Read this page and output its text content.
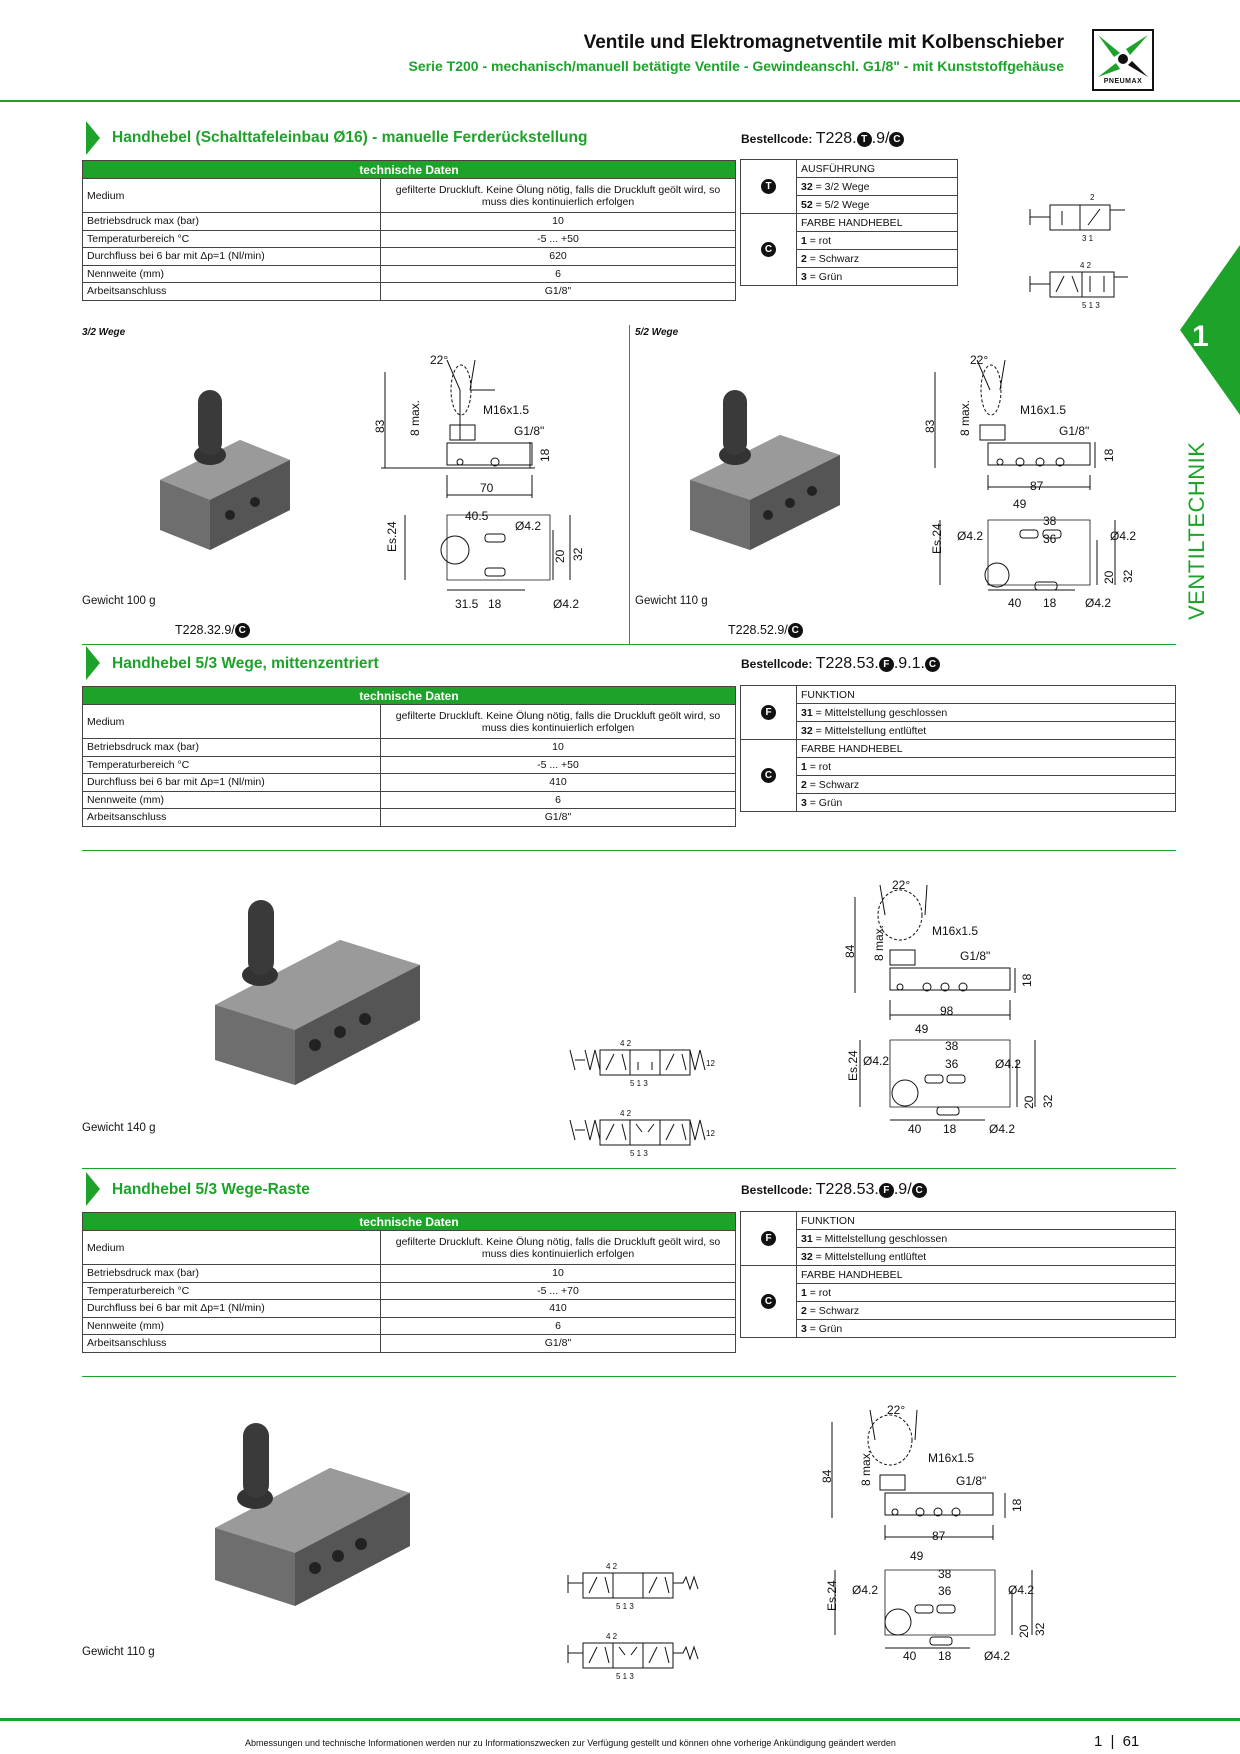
Ventile und Elektromagnetventile mit Kolbenschieber
Serie T200 - mechanisch/manuell betätigte Ventile - Gewindeanschl. G1/8" - mit Kunststoffgehäuse
PNEUMAX
1
VENTILTECHNIK
Handhebel (Schalttafeleinbau Ø16) - manuelle Ferderückstellung	Bestellcode: T228. T .9/ C
technische Daten	
Medium	gefilterte Druckluft. Keine Ölung nötig, falls die Druckluft geölt wird, so muss dies kontinuierlich erfolgen
Betriebsdruck max (bar)	10
Temperaturbereich °C	-5 ... +50
Durchfluss bei 6 bar mit Δp=1 (Nl/min)	620
Nennweite (mm)	6
Arbeitsanschluss	G1/8"
T	AUSFÜHRUNG
	32 = 3/2 Wege
	52 = 5/2 Wege
C	FARBE HANDHEBEL
	1 = rot
	2 = Schwarz
	3 = Grün
2
3 1
4 2
5 1 3
3/2 Wege	5/2 Wege
Gewicht 100 g
T228.32.9/ C
22°
M16x1.5
G1/8"
83 8 max.
18
70
40.5
Ø4.2
Es.24
20 32
31.5 18	Ø4.2	Gewicht 110 g
T228.52.9/ C
22°
M16x1.5
G1/8"
83 8 max.
18
87
49
38
36
Ø4.2	Ø4.2
Es.24
20 32
40 18 Ø4.2
Handhebel 5/3 Wege, mittenzentriert	Bestellcode: T228.53. F .9.1. C
technische Daten	
Medium	gefilterte Druckluft. Keine Ölung nötig, falls die Druckluft geölt wird, so muss dies kontinuierlich erfolgen
Betriebsdruck max (bar)	10
Temperaturbereich °C	-5 ... +50
Durchfluss bei 6 bar mit Δp=1 (Nl/min)	410
Nennweite (mm)	6
Arbeitsanschluss	G1/8"
F	FUNKTION
	31 = Mittelstellung geschlossen
	32 = Mittelstellung entlüftet
C	FARBE HANDHEBEL
	1 = rot
	2 = Schwarz
	3 = Grün
Gewicht 140 g
4 2
5 1 3
12
4 2
5 1 3
12
22°
M16x1.5
G1/8"
84 8 max.
18
98
49
38
36
Ø4.2	Ø4.2
Es.24
20 32
40 18	Ø4.2
Handhebel 5/3 Wege-Raste	Bestellcode: T228.53. F .9/ C
technische Daten	
Medium	gefilterte Druckluft. Keine Ölung nötig, falls die Druckluft geölt wird, so muss dies kontinuierlich erfolgen
Betriebsdruck max (bar)	10
Temperaturbereich °C	-5 ... +70
Durchfluss bei 6 bar mit Δp=1 (Nl/min)	410
Nennweite (mm)	6
Arbeitsanschluss	G1/8"
F	FUNKTION
	31 = Mittelstellung geschlossen
	32 = Mittelstellung entlüftet
C	FARBE HANDHEBEL
	1 = rot
	2 = Schwarz
	3 = Grün
Gewicht 110 g
4 2
5 1 3
4 2
5 1 3
22°
M16x1.5
G1/8"
84 8 max.
18
87
49
38
36
Ø4.2	Ø4.2
Es.24
20 32
40 18	Ø4.2
Abmessungen und technische Informationen werden nur zu Informationszwecken zur Verfügung gestellt und können ohne vorherige Ankündigung geändert werden	1 | 61
